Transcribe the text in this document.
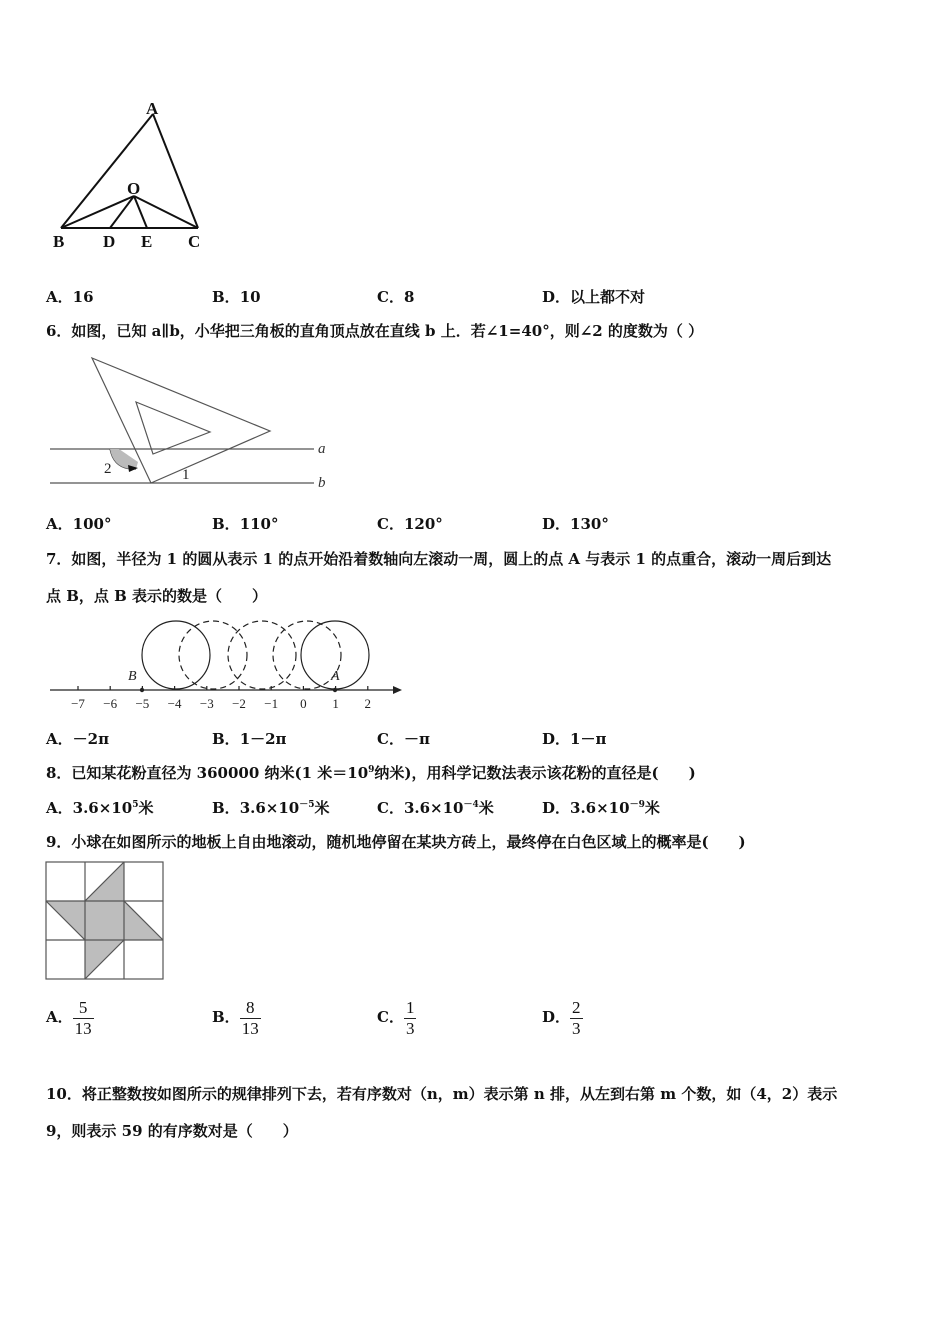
A
O
B D E C
A．16	B．10	C．8	D．以上都不对
6．如图，已知 a∥b，小华把三角板的直角顶点放在直线 b 上．若∠1=40°，则∠2 的度数为（ ）
a
b
1
2
A．100°	B．110°	C．120°	D．130°
7．如图，半径为 1 的圆从表示 1 的点开始沿着数轴向左滚动一周，圆上的点 A 与表示 1 的点重合，滚动一周后到达
点 B，点 B 表示的数是（　　）
−7 −6 −5 −4 −3 −2 −1 0 1 2
B	A
A．－2π	B．1－2π	C．－π	D．1－π
8．已知某花粉直径为 360000 纳米(1 米$=10^9$纳米)，用科学记数法表示该花粉的直径是(　　)
A．$3.6\times 10^5$米	B．$3.6\times 10^{-5}$米	C．$3.6\times 10^{-4}$米	D．$3.6\times 10^{-9}$米
9．小球在如图所示的地板上自由地滚动，随机地停留在某块方砖上，最终停在白色区域上的概率是(　　)
A． $\frac{5}{13}$	B． $\frac{8}{13}$	C． $\frac{1}{3}$	D． $\frac{2}{3}$
10．将正整数按如图所示的规律排列下去，若有序数对（n，m）表示第 n 排，从左到右第 m 个数，如（4，2）表示
9，则表示 59 的有序数对是（　　）
